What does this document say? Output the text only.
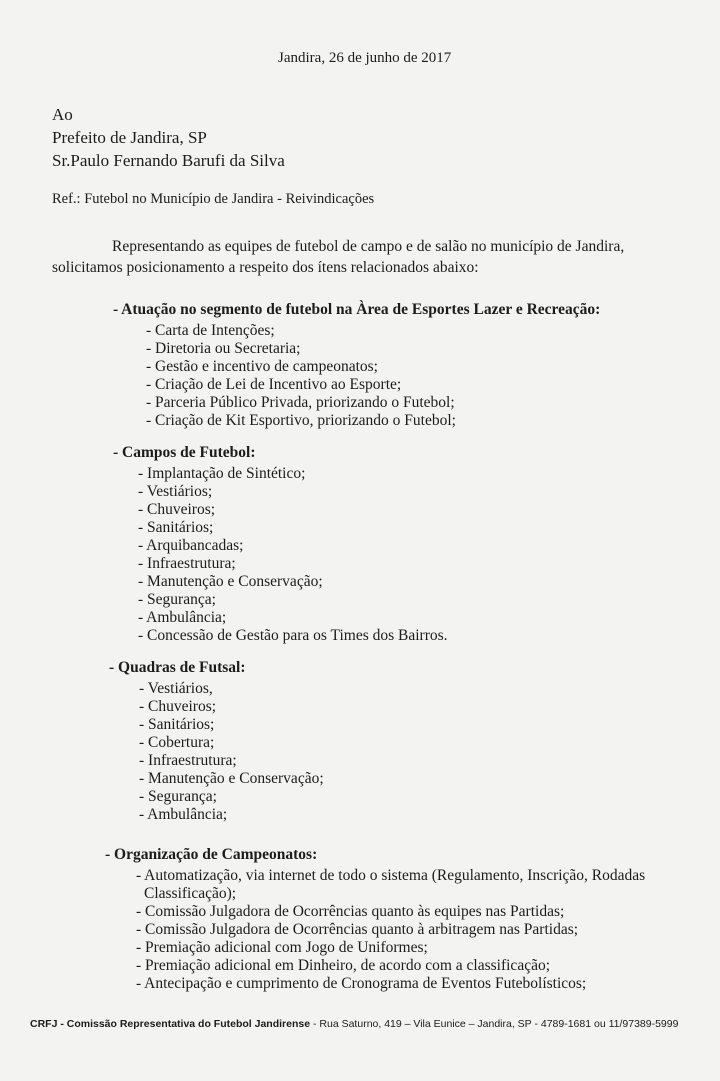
Jandira, 26 de junho de 2017
Ao
Prefeito de Jandira, SP
Sr.Paulo Fernando Barufi da Silva
Ref.: Futebol no Município de Jandira - Reivindicações
Representando as equipes de futebol de campo e de salão no município de Jandira,
solicitamos posicionamento a respeito dos ítens relacionados abaixo:
- Atuação no segmento de futebol na Àrea de Esportes Lazer e Recreação:
- Carta de Intenções;
- Diretoria ou Secretaria;
- Gestão e incentivo de campeonatos;
- Criação de Lei de Incentivo ao Esporte;
- Parceria Público Privada, priorizando o Futebol;
- Criação de Kit Esportivo, priorizando o Futebol;
- Campos de Futebol:
- Implantação de Sintético;
- Vestiários;
- Chuveiros;
- Sanitários;
- Arquibancadas;
- Infraestrutura;
- Manutenção e Conservação;
- Segurança;
- Ambulância;
- Concessão de Gestão para os Times dos Bairros.
- Quadras de Futsal:
- Vestiários,
- Chuveiros;
- Sanitários;
- Cobertura;
- Infraestrutura;
- Manutenção e Conservação;
- Segurança;
- Ambulância;
- Organização de Campeonatos:
- Automatização, via internet de todo o sistema (Regulamento, Inscrição, Rodadas
Classificação);
- Comissão Julgadora de Ocorrências quanto às equipes nas Partidas;
- Comissão Julgadora de Ocorrências quanto à arbitragem nas Partidas;
- Premiação adicional com Jogo de Uniformes;
- Premiação adicional em Dinheiro, de acordo com a classificação;
- Antecipação e cumprimento de Cronograma de Eventos Futebolísticos;
CRFJ - Comissão Representativa do Futebol Jandirense - Rua Saturno, 419 – Vila Eunice – Jandira, SP - 4789-1681 ou 11/97389-5999
